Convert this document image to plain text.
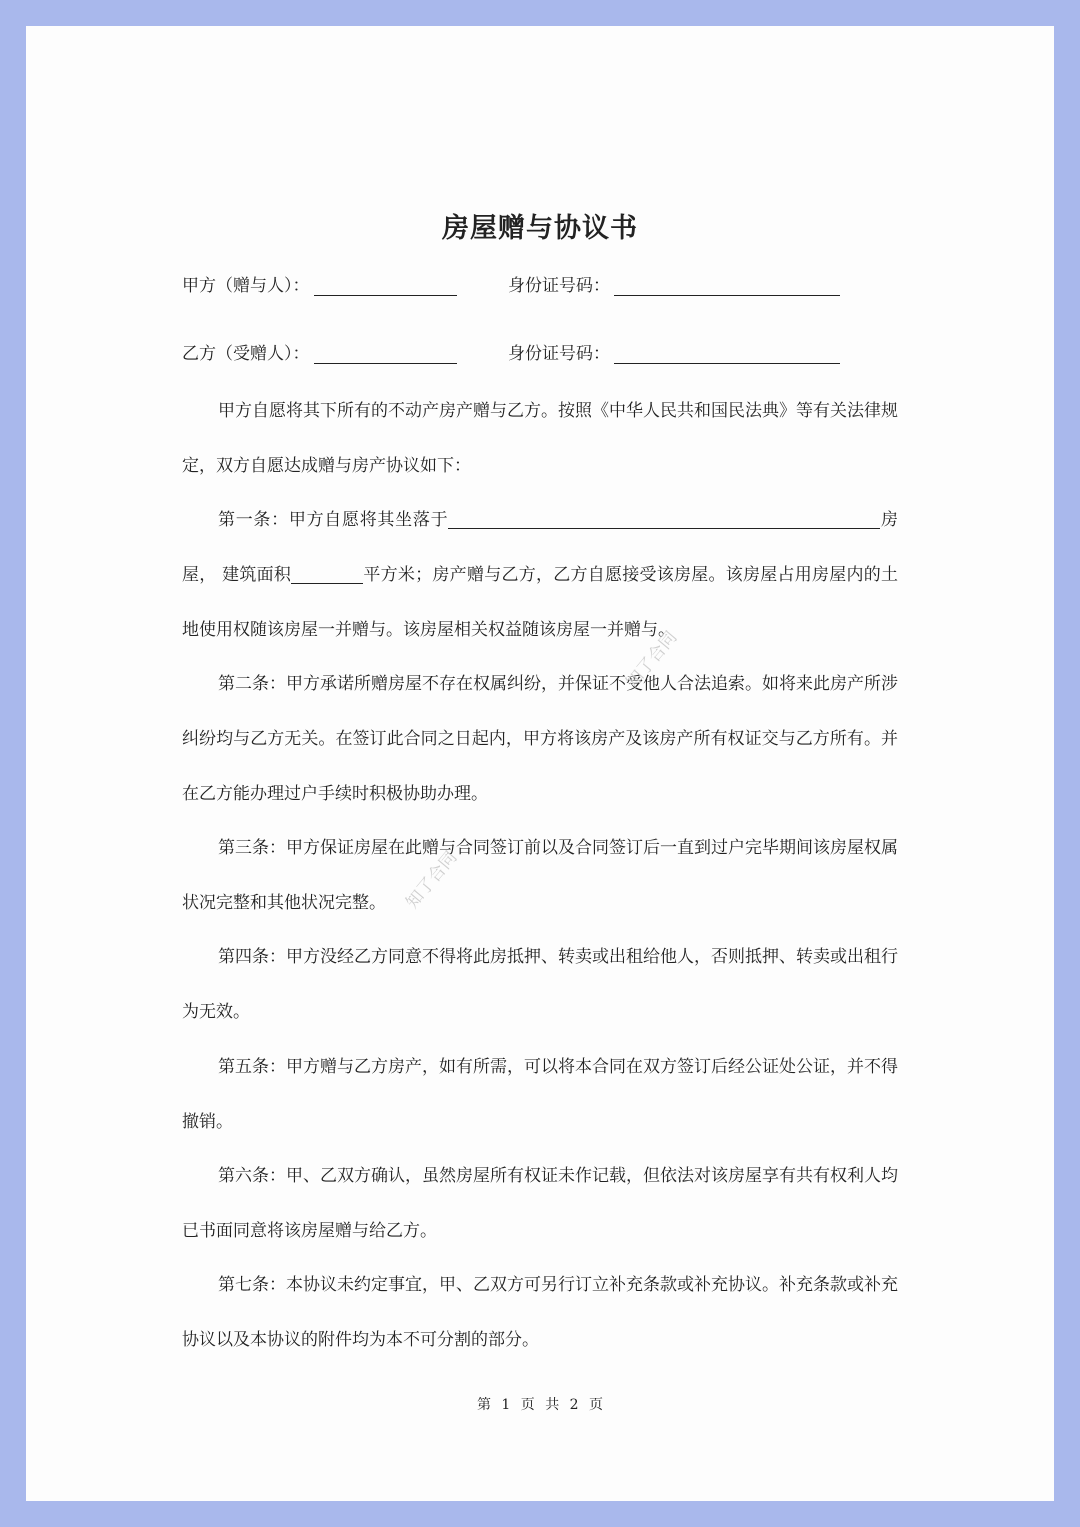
房屋赠与协议书
甲方（赠与人）：	身份证号码：
乙方（受赠人）：	身份证号码：

甲方自愿将其下所有的不动产房产赠与乙方。按照《中华人民共和国民法典》等有关法律规定，双方自愿达成赠与房产协议如下：

第一条：甲方自愿将其坐落于	房屋， 建筑面积	平方米；房产赠与乙方，乙方自愿接受该房屋。该房屋占用房屋内的土地使用权随该房屋一并赠与。该房屋相关权益随该房屋一并赠与。

第二条：甲方承诺所赠房屋不存在权属纠纷，并保证不受他人合法追索。如将来此房产所涉纠纷均与乙方无关。在签订此合同之日起内，甲方将该房产及该房产所有权证交与乙方所有。并在乙方能办理过户手续时积极协助办理。

第三条：甲方保证房屋在此赠与合同签订前以及合同签订后一直到过户完毕期间该房屋权属状况完整和其他状况完整。

第四条：甲方没经乙方同意不得将此房抵押、转卖或出租给他人，否则抵押、转卖或出租行为无效。

第五条：甲方赠与乙方房产，如有所需，可以将本合同在双方签订后经公证处公证，并不得撤销。

第六条：甲、乙双方确认，虽然房屋所有权证未作记载，但依法对该房屋享有共有权利人均已书面同意将该房屋赠与给乙方。

第七条：本协议未约定事宜，甲、乙双方可另行订立补充条款或补充协议。补充条款或补充协议以及本协议的附件均为本不可分割的部分。

第 1 页 共 2 页
知了合同
知了合同
